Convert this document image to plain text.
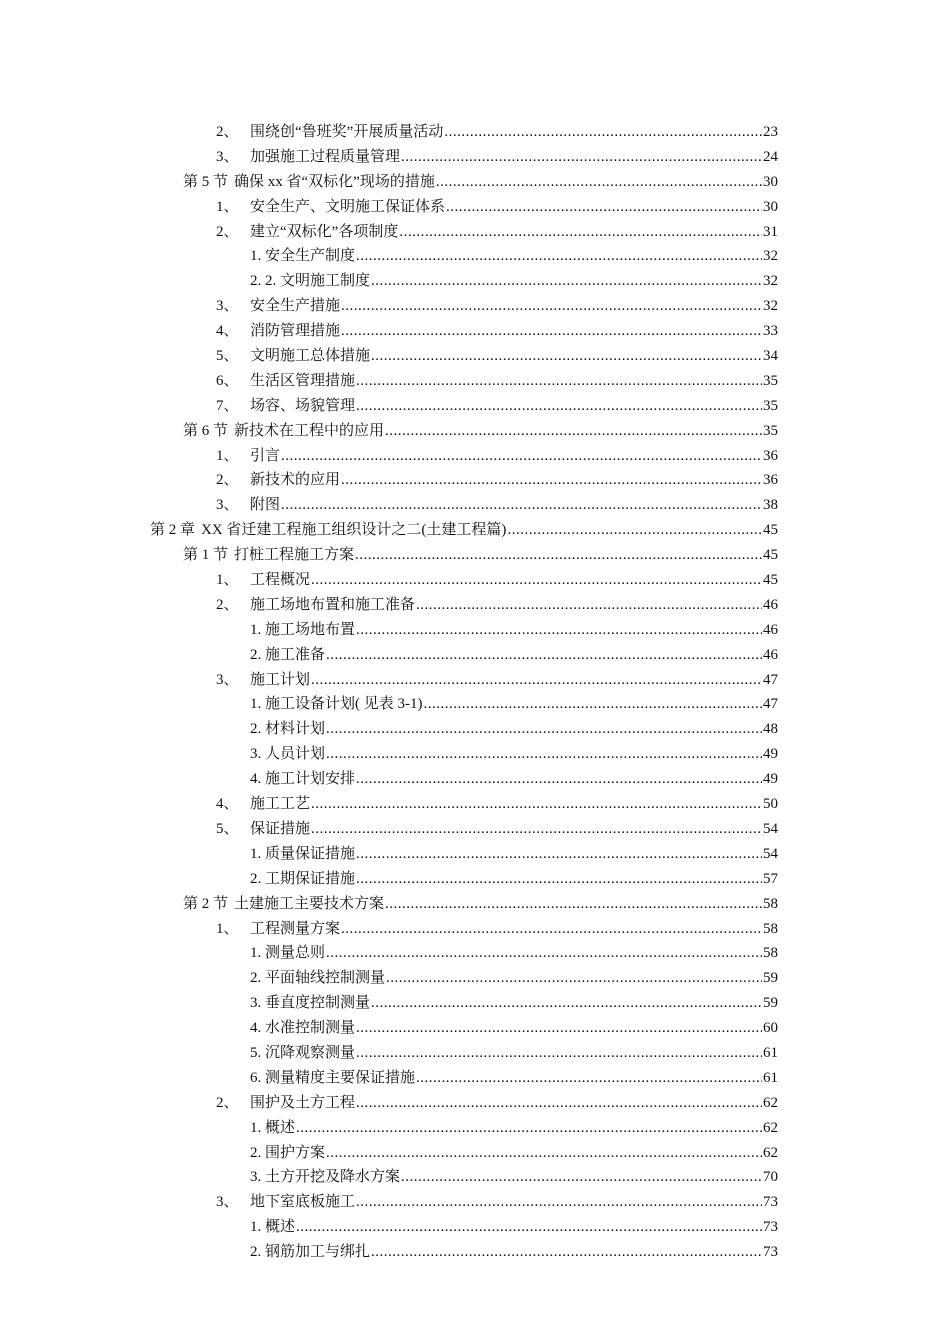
2、 围绕创“鲁班奖”开展质量活动 .....	23
3、 加强施工过程质量管理 .....	24
第 5 节 确保 xx 省“双标化”现场的措施 .....	30
1、 安全生产、文明施工保证体系 .....	30
2、 建立“双标化”各项制度 .....	31
1. 安全生产制度 .....	32
2. 2. 文明施工制度 .....	32
3、 安全生产措施 .....	32
4、 消防管理措施 .....	33
5、 文明施工总体措施 .....	34
6、 生活区管理措施 .....	35
7、 场容、场貌管理 .....	35
第 6 节 新技术在工程中的应用 .....	35
1、 引言 .....	36
2、 新技术的应用 .....	36
3、 附图 .....	38
第 2 章 XX 省迁建工程施工组织设计之二(土建工程篇) .....	45
第 1 节 打桩工程施工方案 .....	45
1、 工程概况 .....	45
2、 施工场地布置和施工准备 .....	46
1. 施工场地布置 .....	46
2. 施工准备 .....	46
3、 施工计划 .....	47
1. 施工设备计划( 见表 3-1) .....	47
2. 材料计划 .....	48
3. 人员计划 .....	49
4. 施工计划安排 .....	49
4、 施工工艺 .....	50
5、 保证措施 .....	54
1. 质量保证措施 .....	54
2. 工期保证措施 .....	57
第 2 节 土建施工主要技术方案 .....	58
1、 工程测量方案 .....	58
1. 测量总则 .....	58
2. 平面轴线控制测量 .....	59
3. 垂直度控制测量 .....	59
4. 水准控制测量 .....	60
5. 沉降观察测量 .....	61
6. 测量精度主要保证措施 .....	61
2、 围护及土方工程 .....	62
1. 概述 .....	62
2. 围护方案 .....	62
3. 土方开挖及降水方案 .....	70
3、 地下室底板施工 .....	73
1. 概述 .....	73
2. 钢筋加工与绑扎 .....	73
